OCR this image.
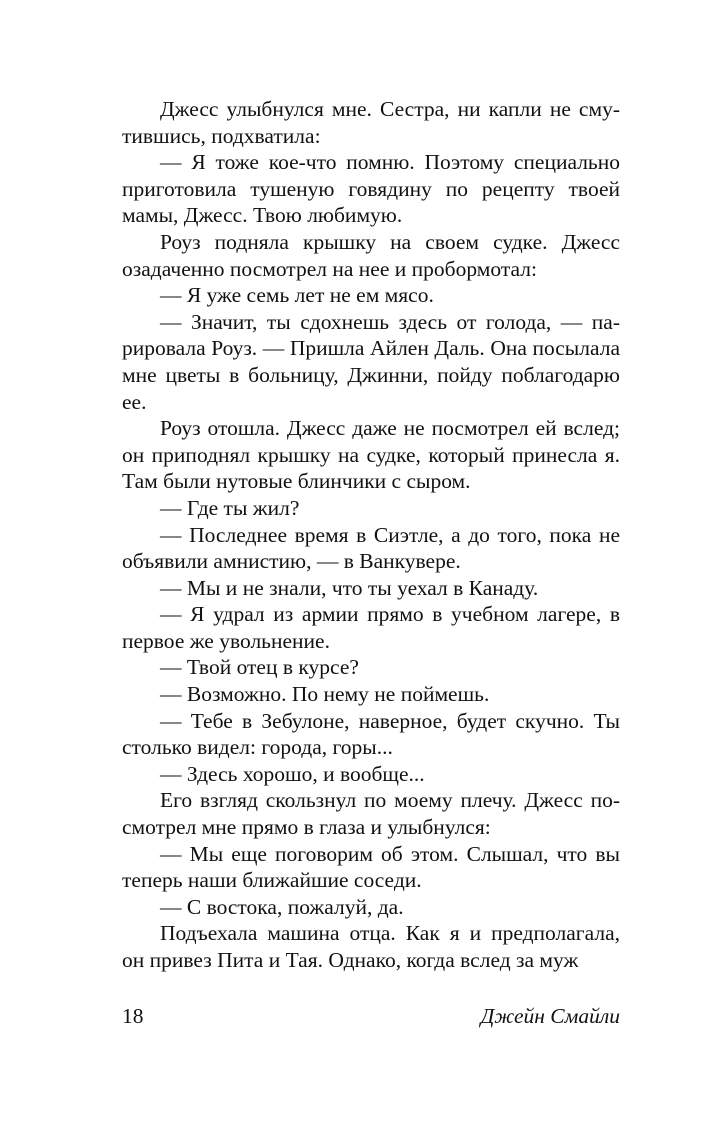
Джесс улыбнулся мне. Сестра, ни капли не смутившись, подхватила:

— Я тоже кое-что помню. Поэтому специально приготовила тушеную говядину по рецепту твоей мамы, Джесс. Твою любимую.

Роуз подняла крышку на своем судке. Джесс озадаченно посмотрел на нее и пробормотал:

— Я уже семь лет не ем мясо.

— Значит, ты сдохнешь здесь от голода, — парировала Роуз. — Пришла Айлен Даль. Она посылала мне цветы в больницу, Джинни, пойду поблагодарю ее.

Роуз отошла. Джесс даже не посмотрел ей вслед; он приподнял крышку на судке, который принесла я. Там были нутовые блинчики с сыром.

— Где ты жил?

— Последнее время в Сиэтле, а до того, пока не объявили амнистию, — в Ванкувере.

— Мы и не знали, что ты уехал в Канаду.

— Я удрал из армии прямо в учебном лагере, в первое же увольнение.

— Твой отец в курсе?

— Возможно. По нему не поймешь.

— Тебе в Зебулоне, наверное, будет скучно. Ты столько видел: города, горы...

— Здесь хорошо, и вообще...

Его взгляд скользнул по моему плечу. Джесс посмотрел мне прямо в глаза и улыбнулся:

— Мы еще поговорим об этом. Слышал, что вы теперь наши ближайшие соседи.

— С востока, пожалуй, да.

Подъехала машина отца. Как я и предполагала, он привез Пита и Тая. Однако, когда вслед за муж

18	Джейн Смайли
